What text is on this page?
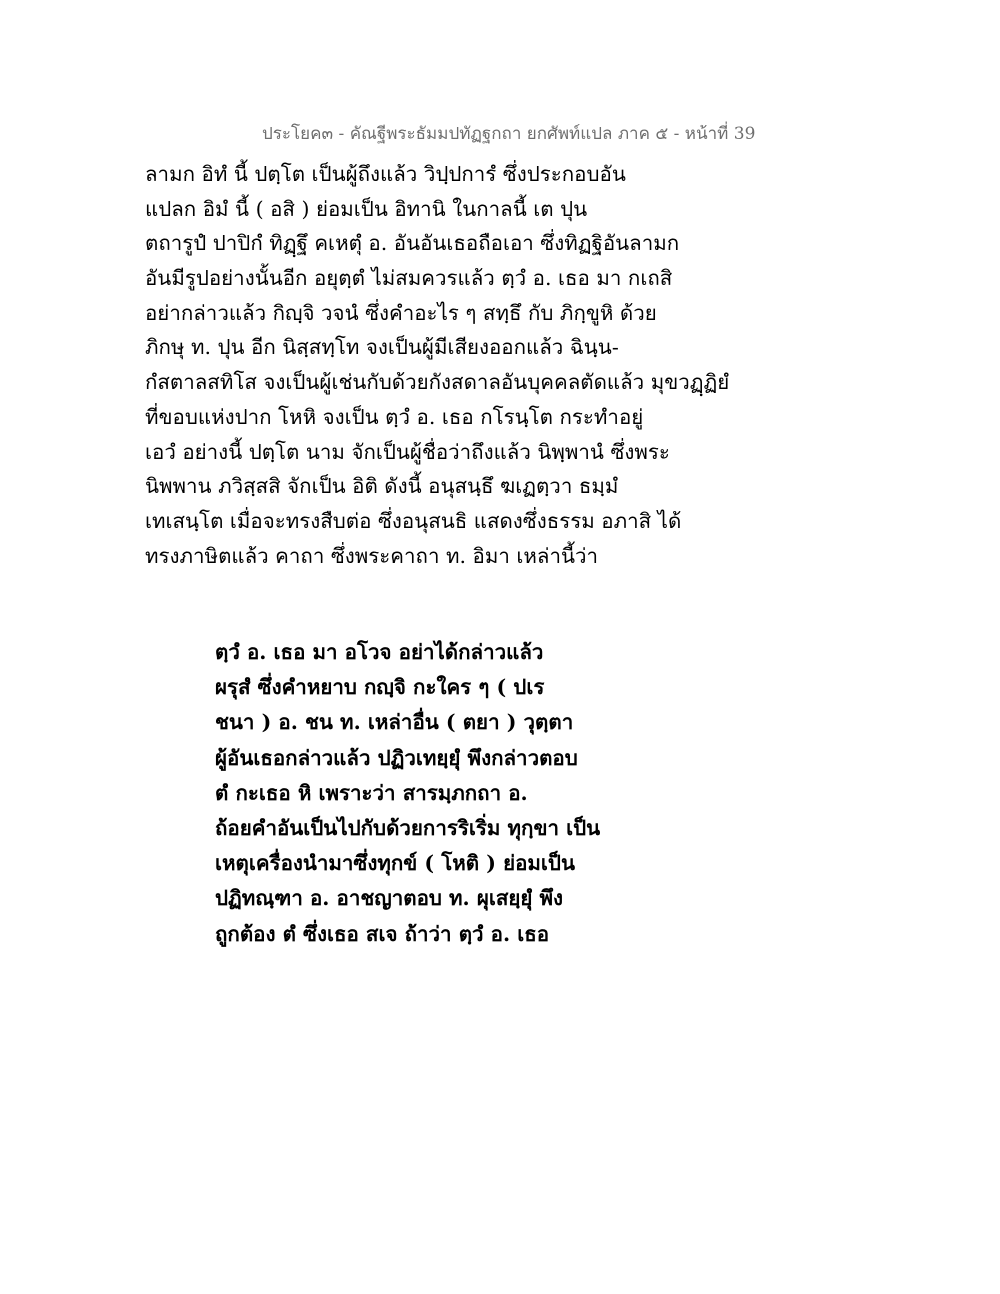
ประโยค๓ - คัณฐีพระธัมมปทัฏฐกถา ยกศัพท์แปล ภาค ๕ - หน้าที่ 39
ลามก อิทํ นี้ ปตฺโต เป็นผู้ถึงแล้ว วิปฺปการํ ซึ่งประกอบอัน
แปลก อิมํ นี้ ( อสิ ) ย่อมเป็น อิทานิ ในกาลนี้ เต ปุน
ตถารูปํ ปาปิกํ ทิฏฺฐึ คเหตุํ อ. อันอันเธอถือเอา ซึ่งทิฏฐิอันลามก
อันมีรูปอย่างนั้นอีก อยุตฺตํ ไม่สมควรแล้ว ตฺวํ อ. เธอ มา กเถสิ
อย่ากล่าวแล้ว กิญฺจิ วจนํ ซึ่งคำอะไร ๆ สทฺธึ กับ ภิกฺขูหิ ด้วย
ภิกษุ ท. ปุน อีก นิสฺสทฺโท จงเป็นผู้มีเสียงออกแล้ว ฉินฺน-
กํสตาลสทิโส จงเป็นผู้เช่นกับด้วยกังสดาลอันบุคคลตัดแล้ว มุขวฏฺฏิยํ
ที่ขอบแห่งปาก โหหิ จงเป็น ตฺวํ อ. เธอ กโรนฺโต กระทำอยู่
เอวํ อย่างนี้ ปตฺโต นาม จักเป็นผู้ชื่อว่าถึงแล้ว นิพฺพานํ ซึ่งพระ
นิพพาน ภวิสฺสสิ จักเป็น อิติ ดังนี้ อนุสนฺธึ ฆเฏตฺวา ธมฺมํ
เทเสนฺโต เมื่อจะทรงสืบต่อ ซึ่งอนุสนธิ แสดงซึ่งธรรม อภาสิ ได้
ทรงภาษิตแล้ว คาถา ซึ่งพระคาถา ท. อิมา เหล่านี้ว่า
ตฺวํ อ. เธอ มา อโวจ อย่าได้กล่าวแล้ว
ผรุสํ ซึ่งคำหยาบ กญฺจิ กะใคร ๆ ( ปเร
ชนา ) อ. ชน ท. เหล่าอื่น ( ตยา ) วุตฺตา
ผู้อันเธอกล่าวแล้ว ปฏิวเทยฺยุํ พึงกล่าวตอบ
ตํ กะเธอ หิ เพราะว่า สารมฺภกถา อ.
ถ้อยคำอันเป็นไปกับด้วยการริเริ่ม ทุกฺขา เป็น
เหตุเครื่องนำมาซึ่งทุกข์ ( โหติ ) ย่อมเป็น
ปฏิทณฺฑา อ. อาชญาตอบ ท. ผุเสยฺยุํ พึง
ถูกต้อง ตํ ซึ่งเธอ สเจ ถ้าว่า ตฺวํ อ. เธอ
